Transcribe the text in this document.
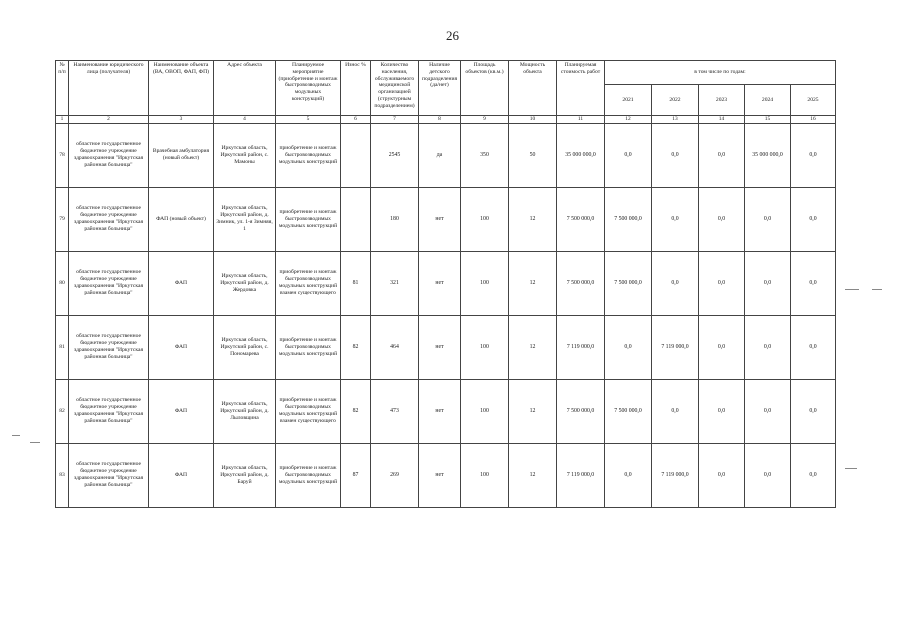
26
№ п/п	Наименование юридического лица (получателя)	Наименование объекта (ВА, ОВОП, ФАП, ФП)	Адрес объекта	Планируемое мероприятие (приобретение и монтаж быстровозводимых модульных конструкций)	Износ %	Количество населения, обслуживаемого медицинской организацией (структурным подразделением)	Наличие детского подразделения (да/нет)	Площадь объектов (кв.м.)	Мощность объекта	Планируемая стоимость работ	в том числе по годам:				
											2021	2022	2023	2024	2025
1	2	3	4	5	6	7	8	9	10	11	12	13	14	15	16
78	областное государственное бюджетное учреждение здравоохранения "Иркутская районная больница"	Врачебная амбулатория (новый объект)	Иркутская область, Иркутский район, с. Мамоны	приобретение и монтаж быстровозводимых модульных конструкций		2545	да	350	50	35 000 000,0	0,0	0,0	0,0	35 000 000,0	0,0
79	областное государственное бюджетное учреждение здравоохранения "Иркутская районная больница"	ФАП (новый объект)	Иркутская область, Иркутский район, д. Зимник, ул. 1-я Зимняя, 1	приобретение и монтаж быстровозводимых модульных конструкций		180	нет	100	12	7 500 000,0	7 500 000,0	0,0	0,0	0,0	0,0
80	областное государственное бюджетное учреждение здравоохранения "Иркутская районная больница"	ФАП	Иркутская область, Иркутский район, д. Жердовка	приобретение и монтаж быстровозводимых модульных конструкций взамен существующего	81	321	нет	100	12	7 500 000,0	7 500 000,0	0,0	0,0	0,0	0,0
81	областное государственное бюджетное учреждение здравоохранения "Иркутская районная больница"	ФАП	Иркутская область, Иркутский район, с. Пономарева	приобретение и монтаж быстровозводимых модульных конструкций	82	464	нет	100	12	7 119 000,0	0,0	7 119 000,0	0,0	0,0	0,0
82	областное государственное бюджетное учреждение здравоохранения "Иркутская районная больница"	ФАП	Иркутская область, Иркутский район, д. Лыловщина	приобретение и монтаж быстровозводимых модульных конструкций взамен существующего	82	473	нет	100	12	7 500 000,0	7 500 000,0	0,0	0,0	0,0	0,0
83	областное государственное бюджетное учреждение здравоохранения "Иркутская районная больница"	ФАП	Иркутская область, Иркутский район, д. Баруй	приобретение и монтаж быстровозводимых модульных конструкций	87	269	нет	100	12	7 119 000,0	0,0	7 119 000,0	0,0	0,0	0,0
